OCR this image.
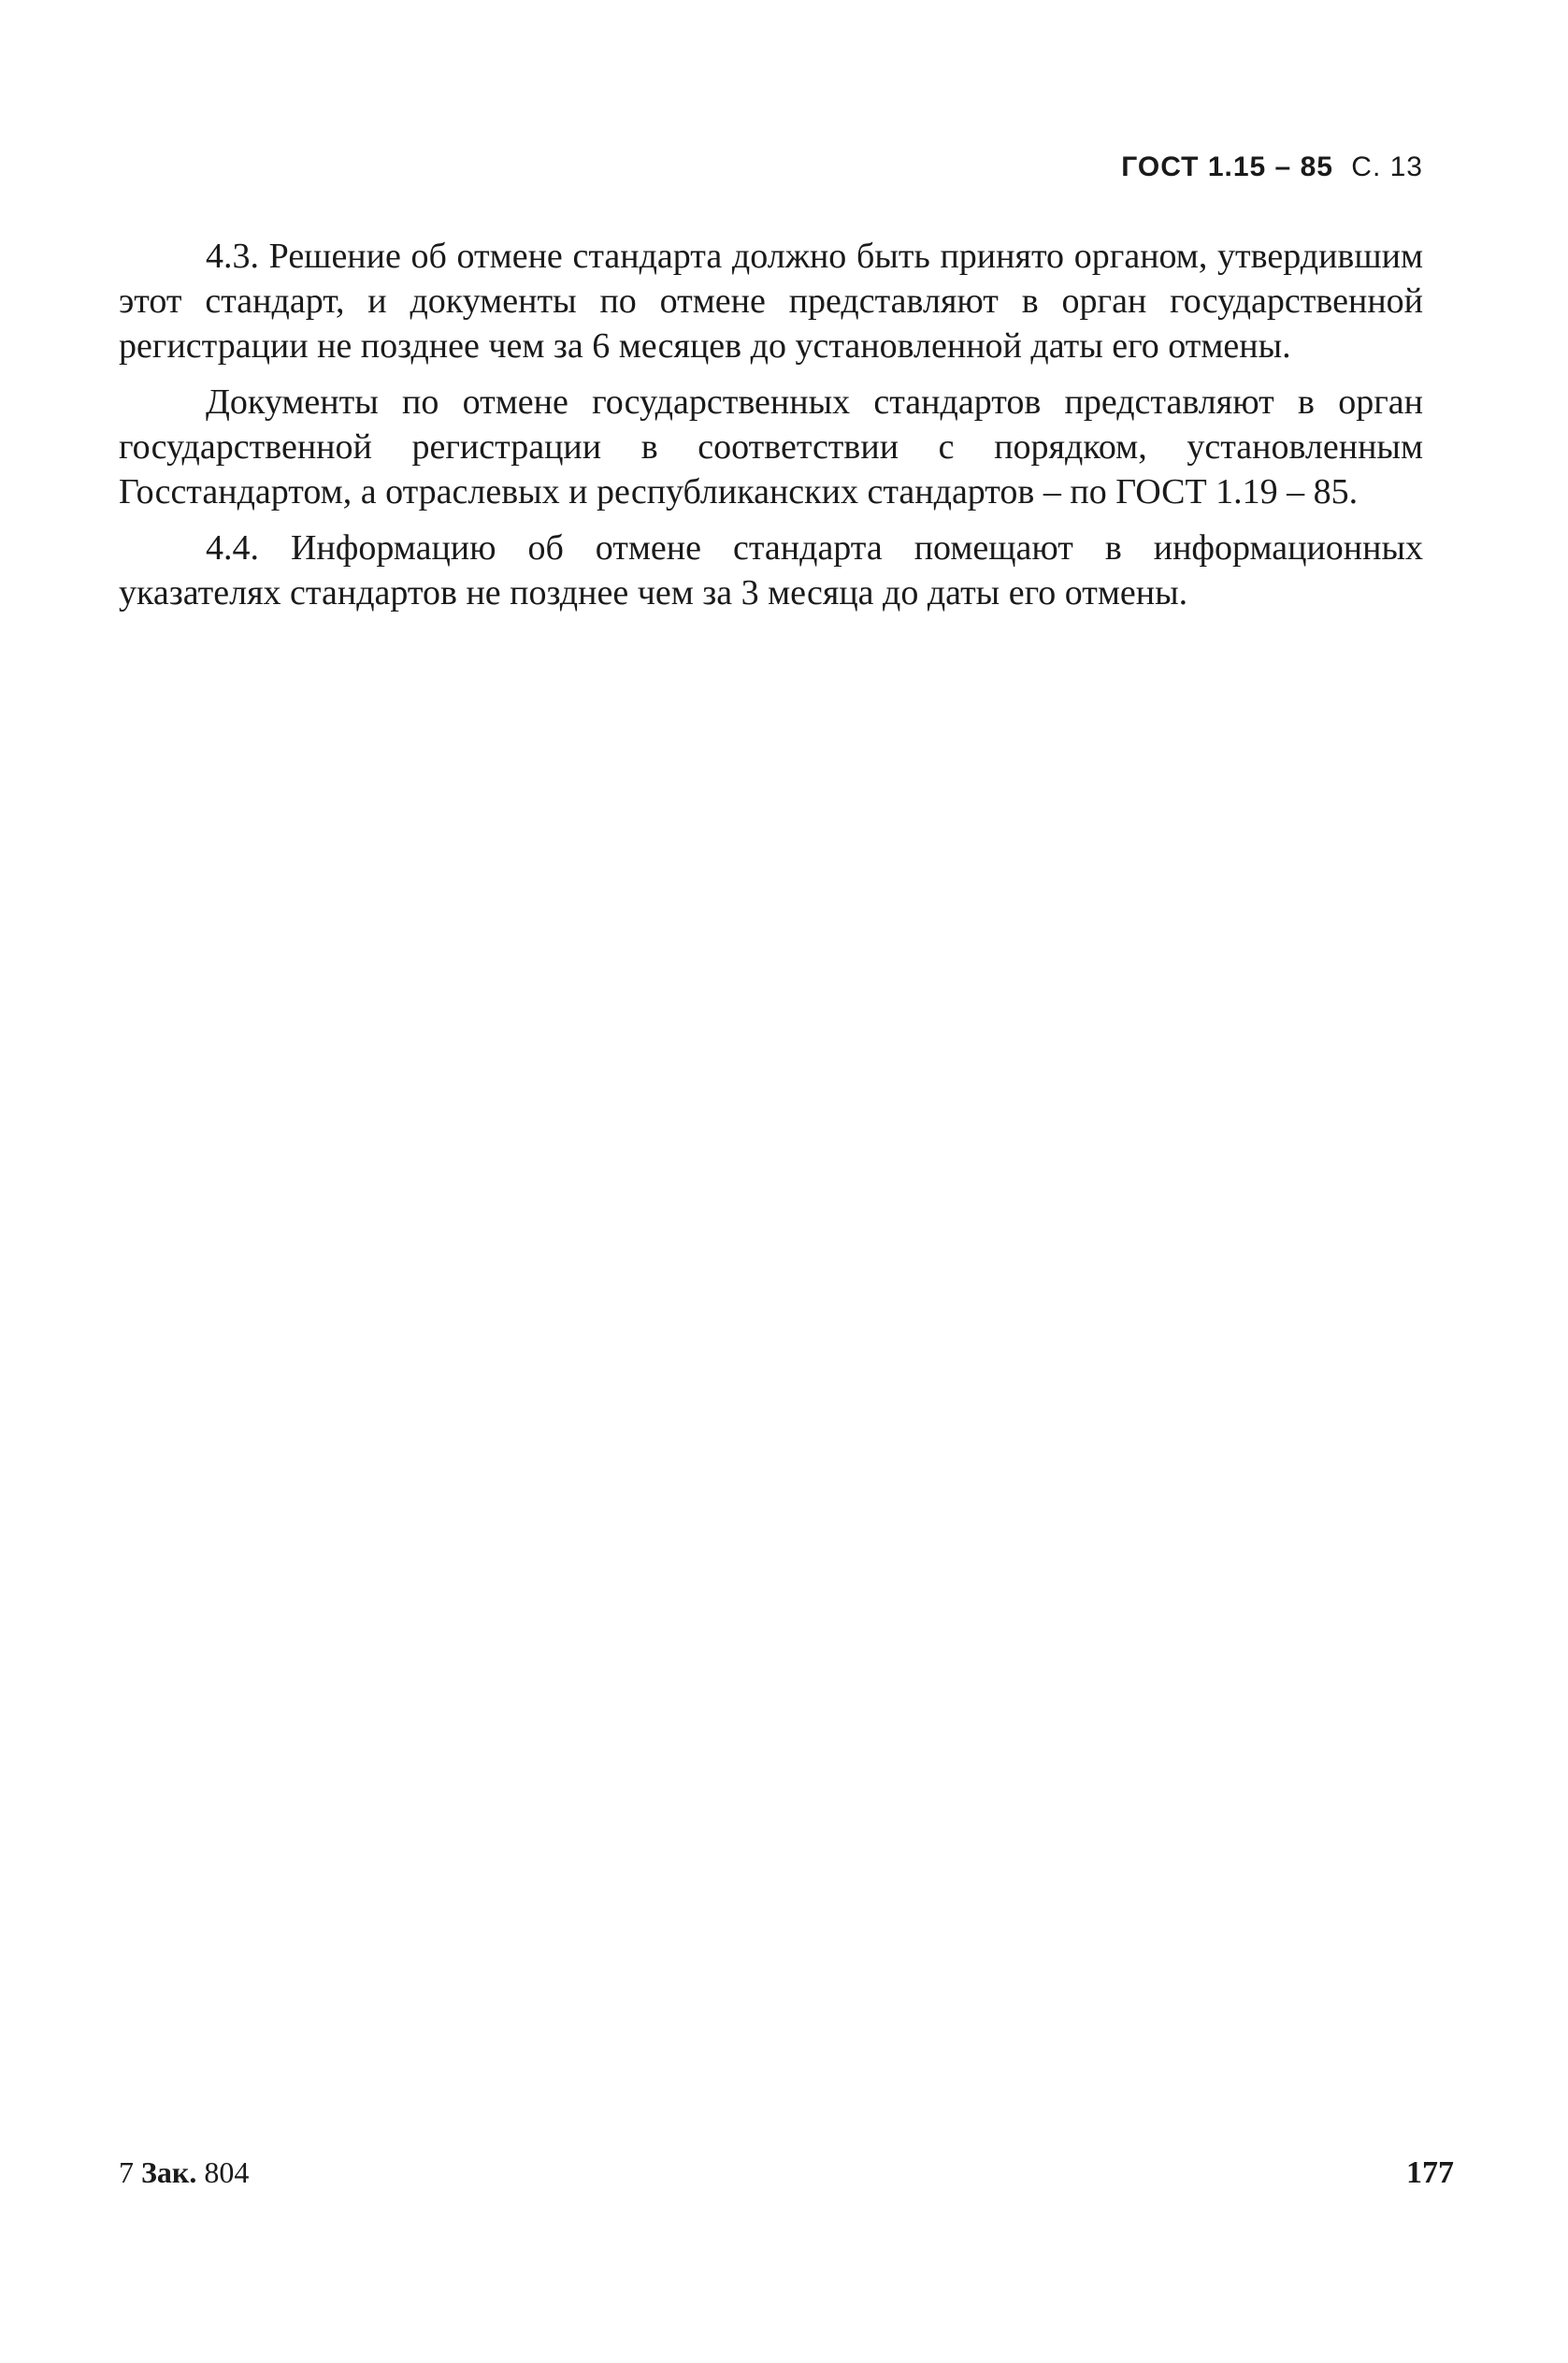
ГОСТ 1.15 – 85 С. 13

4.3. Решение об отмене стандарта должно быть принято органом, утвердившим этот стандарт, и документы по отмене представляют в орган государственной регистрации не позднее чем за 6 месяцев до установленной даты его отмены.

Документы по отмене государственных стандартов представляют в орган государственной регистрации в соответствии с порядком, установленным Госстандартом, а отраслевых и республиканских стандартов – по ГОСТ 1.19 – 85.

4.4. Информацию об отмене стандарта помещают в информационных указателях стандартов не позднее чем за 3 месяца до даты его отмены.

7 Зак. 804	177
